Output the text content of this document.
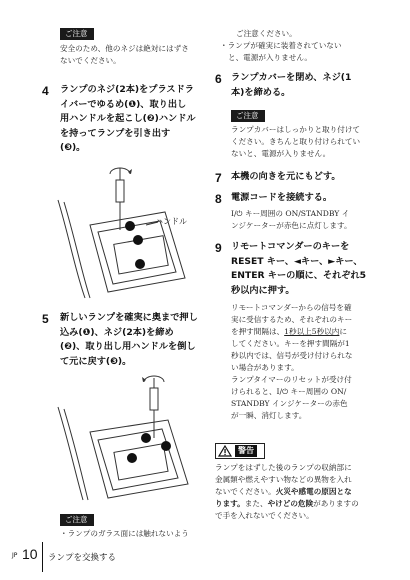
ご注意
安全のため、他のネジは絶対にはずさ
ないでください。
4 ランプのネジ(2本)をプラスドラ
イバーでゆるめ(❶)、取り出し
用ハンドルを起こし(❷)ハンドル
を持ってランプを引き出す
(❸)。
ハンドル
5 新しいランプを確実に奥まで押し
込み(❶)、ネジ(2本)を締め
(❷)、取り出し用ハンドルを倒し
て元に戻す(❸)。
ご注意
・ランプのガラス面には触れないよう
ご注意ください。
・ランプが確実に装着されていない
と、電源が入りません。
6 ランプカバーを閉め、ネジ(1
本)を締める。
ご注意
ランプカバーはしっかりと取り付けて
ください。きちんと取り付けられてい
ないと、電源が入りません。
7 本機の向きを元にもどす。
8 電源コードを接続する。
I/⏻ キー周囲の ON/STANDBY イ
ンジケーターが赤色に点灯します。
9 リモートコマンダーのキーを
RESET キー、◄キー、►キー、
ENTER キーの順に、それぞれ5
秒以内に押す。
リモートコマンダーからの信号を確
実に受信するため、それぞれのキー
を押す間隔は、1秒以上5秒以内に
してください。キーを押す間隔が1
秒以内では、信号が受け付けられな
い場合があります。
ランプタイマーのリセットが受け付
けられると、I/⏻ キー周囲の ON/
STANDBY インジケーターの赤色
が一瞬、消灯します。
警告
ランプをはずした後のランプの収納部に
金属類や燃えやすい物などの異物を入れ
ないでください。火災や感電の原因とな
ります。また、やけどの危険がありますの
で手を入れないでください。
JP 10 ランプを交換する
